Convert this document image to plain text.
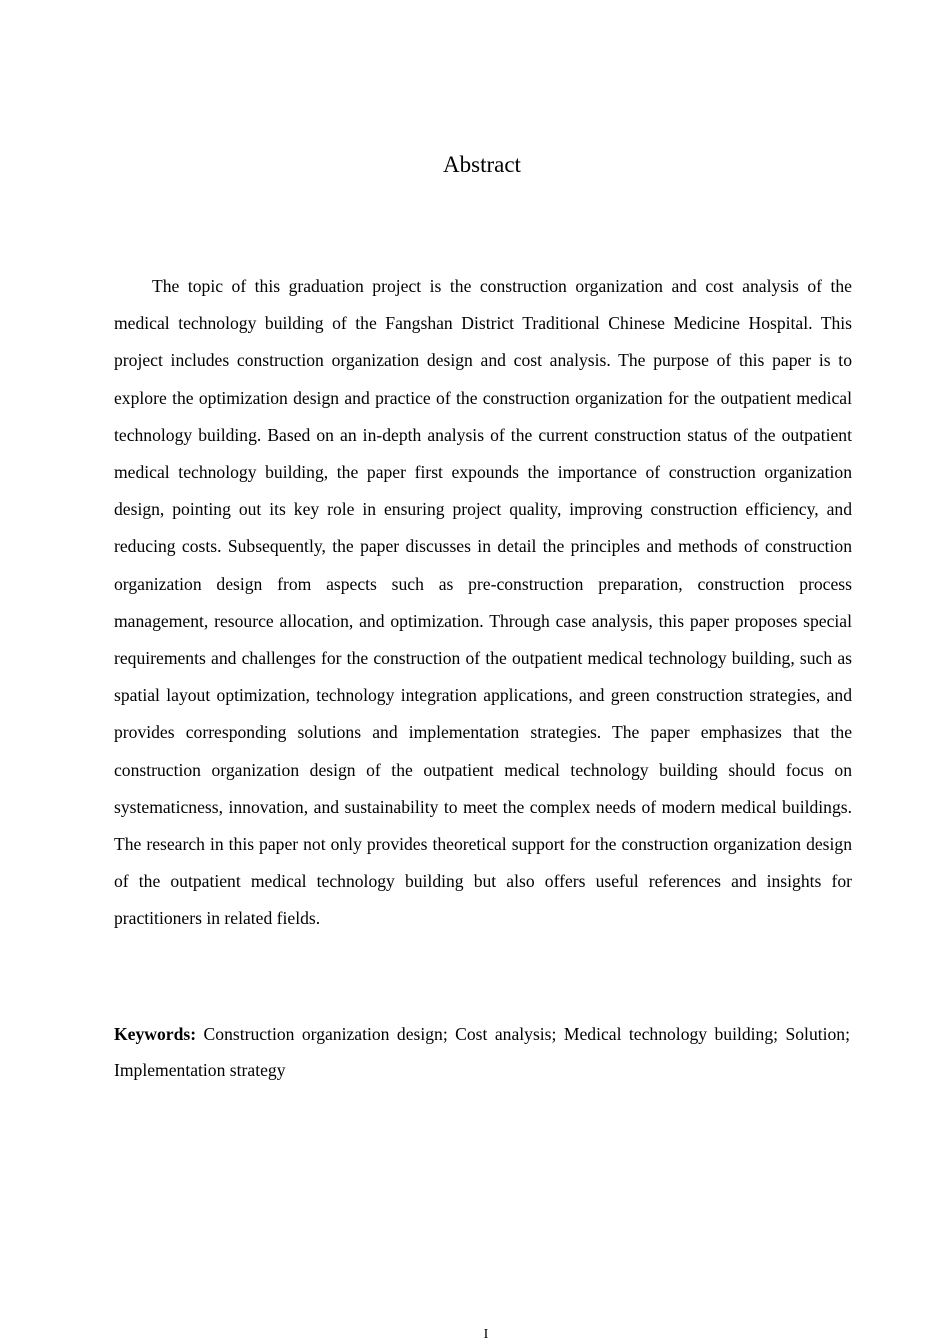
Abstract

The topic of this graduation project is the construction organization and cost analysis of the medical technology building of the Fangshan District Traditional Chinese Medicine Hospital. This project includes construction organization design and cost analysis. The purpose of this paper is to explore the optimization design and practice of the construction organization for the outpatient medical technology building. Based on an in-depth analysis of the current construction status of the outpatient medical technology building, the paper first expounds the importance of construction organization design, pointing out its key role in ensuring project quality, improving construction efficiency, and reducing costs. Subsequently, the paper discusses in detail the principles and methods of construction organization design from aspects such as pre-construction preparation, construction process management, resource allocation, and optimization. Through case analysis, this paper proposes special requirements and challenges for the construction of the outpatient medical technology building, such as spatial layout optimization, technology integration applications, and green construction strategies, and provides corresponding solutions and implementation strategies. The paper emphasizes that the construction organization design of the outpatient medical technology building should focus on systematicness, innovation, and sustainability to meet the complex needs of modern medical buildings. The research in this paper not only provides theoretical support for the construction organization design of the outpatient medical technology building but also offers useful references and insights for practitioners in related fields.

Keywords: Construction organization design; Cost analysis; Medical technology building; Solution; Implementation strategy

I
